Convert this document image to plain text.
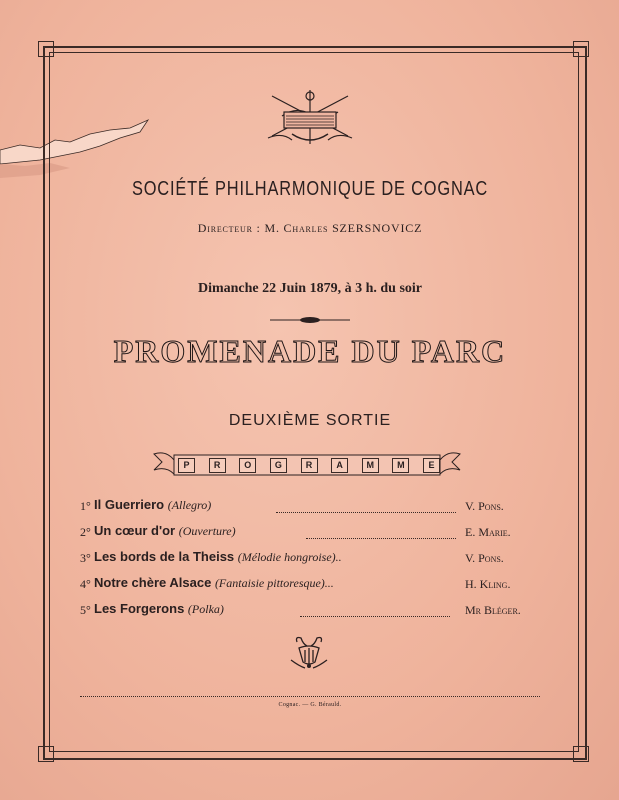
SOCIÉTÉ PHILHARMONIQUE DE COGNAC
Directeur : M. Charles SZERSNOVICZ
Dimanche 22 Juin 1879, à 3 h. du soir
PROMENADE DU PARC
DEUXIÈME SORTIE
P	R	O	G	R	A	M	M	E
1° Il Guerriero (Allegro)	V. Pons.
2° Un cœur d'or (Ouverture)	E. Marie.
3° Les bords de la Theiss (Mélodie hongroise)..	V. Pons.
4° Notre chère Alsace (Fantaisie pittoresque)...	H. Kling.
5° Les Forgerons (Polka)	Mr Bléger.
Cognac. — G. Bérauld.
